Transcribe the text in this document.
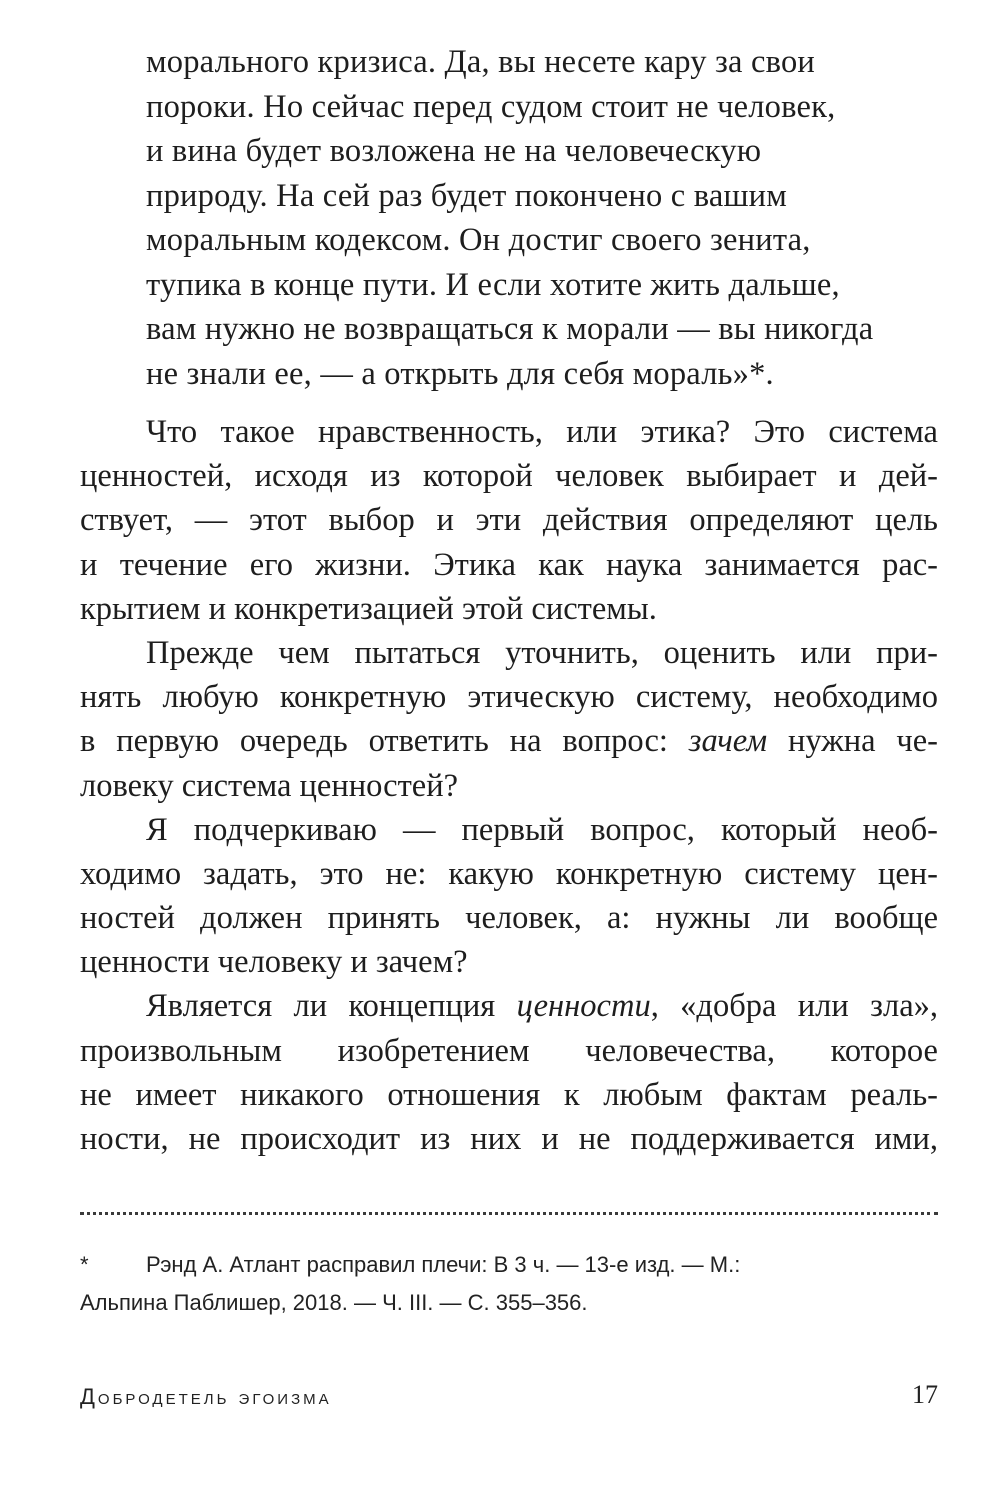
морального кризиса. Да, вы несете кару за свои
пороки. Но сейчас перед судом стоит не человек,
и вина будет возложена не на человеческую
природу. На сей раз будет покончено с вашим
моральным кодексом. Он достиг своего зенита,
тупика в конце пути. И если хотите жить дальше,
вам нужно не возвращаться к морали — вы никогда
не знали ее, — а открыть для себя мораль»*.
Что такое нравственность, или этика? Это система
ценностей, исходя из которой человек выбирает и дей-
ствует, — этот выбор и эти действия определяют цель
и течение его жизни. Этика как наука занимается рас-
крытием и конкретизацией этой системы.
Прежде чем пытаться уточнить, оценить или при-
нять любую конкретную этическую систему, необходимо
в первую очередь ответить на вопрос: зачем нужна че-
ловеку система ценностей?
Я подчеркиваю — первый вопрос, который необ-
ходимо задать, это не: какую конкретную систему цен-
ностей должен принять человек, а: нужны ли вообще
ценности человеку и зачем?
Является ли концепция ценности, «добра или зла»,
произвольным изобретением человечества, которое
не имеет никакого отношения к любым фактам реаль-
ности, не происходит из них и не поддерживается ими,
*	Рэнд А. Атлант расправил плечи: В 3 ч. — 13-е изд. — М.:
Альпина Паблишер, 2018. — Ч. III. — С. 355–356.
Добродетель эгоизма	17
